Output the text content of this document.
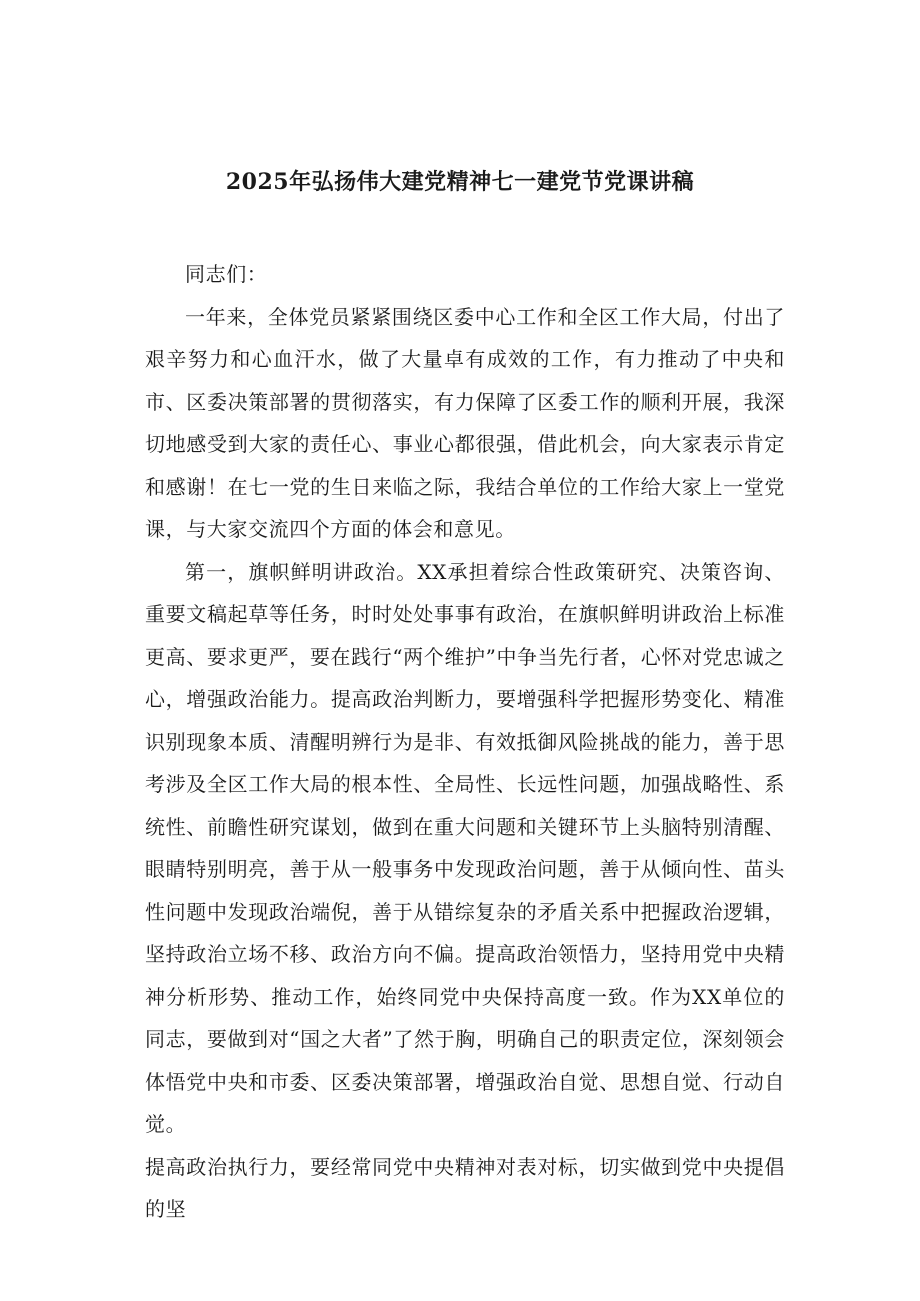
2025年弘扬伟大建党精神七一建党节党课讲稿

同志们：

一年来，全体党员紧紧围绕区委中心工作和全区工作大局，付出了艰辛努力和心血汗水，做了大量卓有成效的工作，有力推动了中央和市、区委决策部署的贯彻落实，有力保障了区委工作的顺利开展，我深切地感受到大家的责任心、事业心都很强，借此机会，向大家表示肯定和感谢！在七一党的生日来临之际，我结合单位的工作给大家上一堂党课，与大家交流四个方面的体会和意见。

第一，旗帜鲜明讲政治。XX承担着综合性政策研究、决策咨询、重要文稿起草等任务，时时处处事事有政治，在旗帜鲜明讲政治上标准更高、要求更严，要在践行“两个维护”中争当先行者，心怀对党忠诚之心，增强政治能力。提高政治判断力，要增强科学把握形势变化、精准识别现象本质、清醒明辨行为是非、有效抵御风险挑战的能力，善于思考涉及全区工作大局的根本性、全局性、长远性问题，加强战略性、系统性、前瞻性研究谋划，做到在重大问题和关键环节上头脑特别清醒、眼睛特别明亮，善于从一般事务中发现政治问题，善于从倾向性、苗头性问题中发现政治端倪，善于从错综复杂的矛盾关系中把握政治逻辑，坚持政治立场不移、政治方向不偏。提高政治领悟力，坚持用党中央精神分析形势、推动工作，始终同党中央保持高度一致。作为XX单位的同志，要做到对“国之大者”了然于胸，明确自己的职责定位，深刻领会体悟党中央和市委、区委决策部署，增强政治自觉、思想自觉、行动自觉。

提高政治执行力，要经常同党中央精神对表对标，切实做到党中央提倡的坚
